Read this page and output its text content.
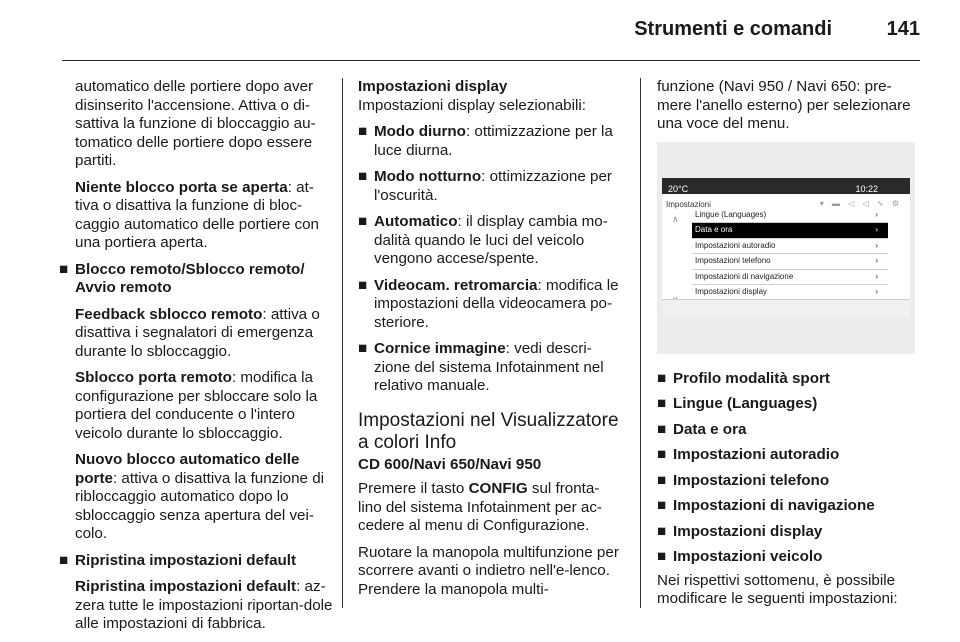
Strumenti e comandi	141

automatico delle portiere dopo aver disinserito l'accensione. Attiva o di-sattiva la funzione di bloccaggio au-tomatico delle portiere dopo essere partiti.

Niente blocco porta se aperta: at-tiva o disattiva la funzione di bloc-caggio automatico delle portiere con una portiera aperta.

■ Blocco remoto/Sblocco remoto/ Avvio remoto

Feedback sblocco remoto: attiva o disattiva i segnalatori di emergenza durante lo sbloccaggio.

Sblocco porta remoto: modifica la configurazione per sbloccare solo la portiera del conducente o l'intero veicolo durante lo sbloccaggio.

Nuovo blocco automatico delle porte: attiva o disattiva la funzione di ribloccaggio automatico dopo lo sbloccaggio senza apertura del vei-colo.

■ Ripristina impostazioni default

Ripristina impostazioni default: az-zera tutte le impostazioni riportan-dole alle impostazioni di fabbrica.

Impostazioni display

Impostazioni display selezionabili:

■ Modo diurno: ottimizzazione per la luce diurna.
■ Modo notturno: ottimizzazione per l'oscurità.
■ Automatico: il display cambia mo-dalità quando le luci del veicolo vengono accese/spente.
■ Videocam. retromarcia: modifica le impostazioni della videocamera po-steriore.
■ Cornice immagine: vedi descri-zione del sistema Infotainment nel relativo manuale.
Impostazioni nel Visualizzatore a colori Info
CD 600/Navi 650/Navi 950

Premere il tasto CONFIG sul fronta-lino del sistema Infotainment per ac-cedere al menu di Configurazione.

Ruotare la manopola multifunzione per scorrere avanti o indietro nell'e-lenco. Prendere la manopola multi-

funzione (Navi 950 / Navi 650: pre-mere l'anello esterno) per selezionare una voce del menu.

20°C	10:22
Impostazioni	▾ ▬ ◁ ◁ ∿ ⚙
∧	Lingue (Languages)	›
Data e ora	›
Impostazioni autoradio	›
Impostazioni telefono	›
Impostazioni di navigazione	›
Impostazioni display	›
■ Profilo modalità sport
■ Lingue (Languages)
■ Data e ora
■ Impostazioni autoradio
■ Impostazioni telefono
■ Impostazioni di navigazione
■ Impostazioni display
■ Impostazioni veicolo

Nei rispettivi sottomenu, è possibile modificare le seguenti impostazioni:
